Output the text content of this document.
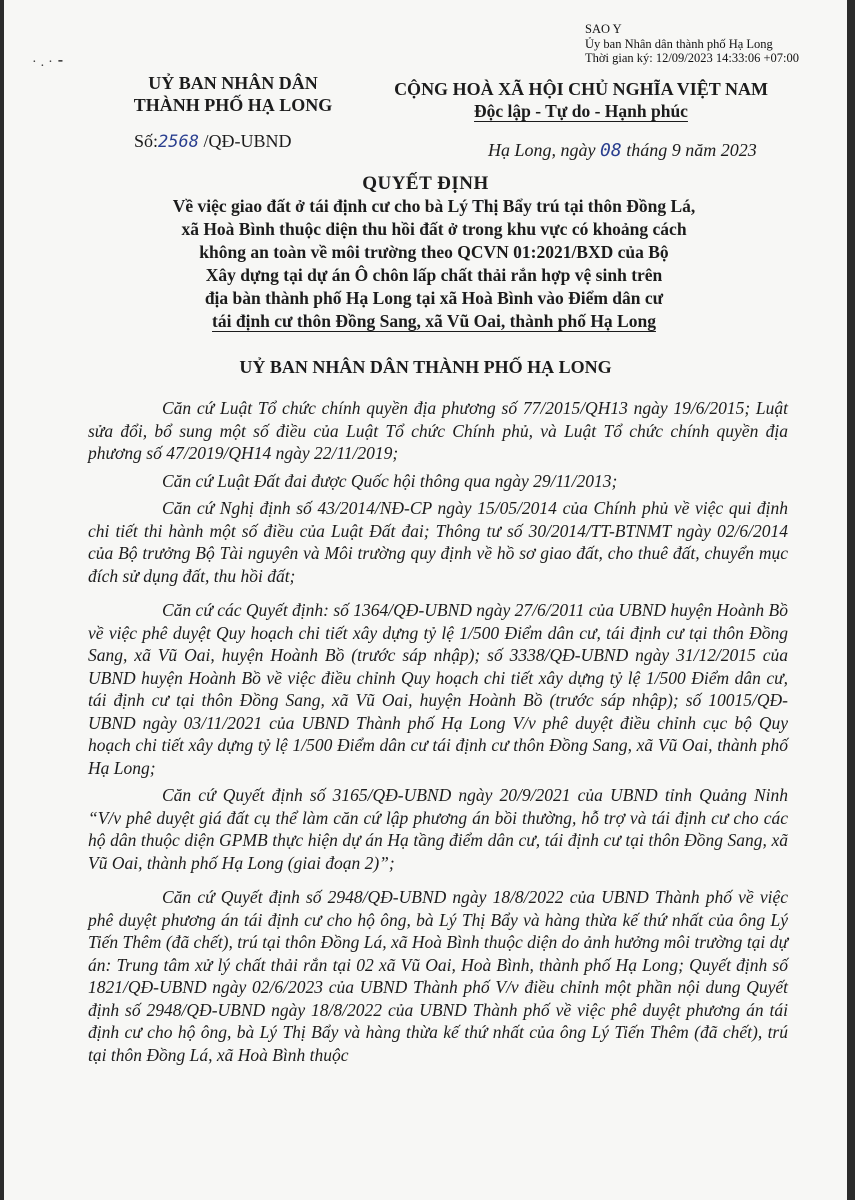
·.·⁃
SAO Y
Ủy ban Nhân dân thành phố Hạ Long
Thời gian ký: 12/09/2023 14:33:06 +07:00
UỶ BAN NHÂN DÂN
THÀNH PHỐ HẠ LONG
CỘNG HOÀ XÃ HỘI CHỦ NGHĨA VIỆT NAM
Độc lập - Tự do - Hạnh phúc
Số:2568 /QĐ-UBND	Hạ Long, ngày 08 tháng 9 năm 2023
QUYẾT ĐỊNH
Về việc giao đất ở tái định cư cho bà Lý Thị Bẩy trú tại thôn Đồng Lá,
xã Hoà Bình thuộc diện thu hồi đất ở trong khu vực có khoảng cách
không an toàn về môi trường theo QCVN 01:2021/BXD của Bộ
Xây dựng tại dự án Ô chôn lấp chất thải rắn hợp vệ sinh trên
địa bàn thành phố Hạ Long tại xã Hoà Bình vào Điểm dân cư
tái định cư thôn Đồng Sang, xã Vũ Oai, thành phố Hạ Long
UỶ BAN NHÂN DÂN THÀNH PHỐ HẠ LONG

Căn cứ Luật Tổ chức chính quyền địa phương số 77/2015/QH13 ngày 19/6/2015; Luật sửa đổi, bổ sung một số điều của Luật Tổ chức Chính phủ, và Luật Tổ chức chính quyền địa phương số 47/2019/QH14 ngày 22/11/2019;

Căn cứ Luật Đất đai được Quốc hội thông qua ngày 29/11/2013;

Căn cứ Nghị định số 43/2014/NĐ-CP ngày 15/05/2014 của Chính phủ về việc qui định chi tiết thi hành một số điều của Luật Đất đai; Thông tư số 30/2014/TT-BTNMT ngày 02/6/2014 của Bộ trưởng Bộ Tài nguyên và Môi trường quy định về hồ sơ giao đất, cho thuê đất, chuyển mục đích sử dụng đất, thu hồi đất;

Căn cứ các Quyết định: số 1364/QĐ-UBND ngày 27/6/2011 của UBND huyện Hoành Bồ về việc phê duyệt Quy hoạch chi tiết xây dựng tỷ lệ 1/500 Điểm dân cư, tái định cư tại thôn Đồng Sang, xã Vũ Oai, huyện Hoành Bồ (trước sáp nhập); số 3338/QĐ-UBND ngày 31/12/2015 của UBND huyện Hoành Bồ về việc điều chỉnh Quy hoạch chi tiết xây dựng tỷ lệ 1/500 Điểm dân cư, tái định cư tại thôn Đồng Sang, xã Vũ Oai, huyện Hoành Bồ (trước sáp nhập); số 10015/QĐ-UBND ngày 03/11/2021 của UBND Thành phố Hạ Long V/v phê duyệt điều chỉnh cục bộ Quy hoạch chi tiết xây dựng tỷ lệ 1/500 Điểm dân cư tái định cư thôn Đồng Sang, xã Vũ Oai, thành phố Hạ Long;

Căn cứ Quyết định số 3165/QĐ-UBND ngày 20/9/2021 của UBND tỉnh Quảng Ninh “V/v phê duyệt giá đất cụ thể làm căn cứ lập phương án bồi thường, hỗ trợ và tái định cư cho các hộ dân thuộc diện GPMB thực hiện dự án Hạ tầng điểm dân cư, tái định cư tại thôn Đồng Sang, xã Vũ Oai, thành phố Hạ Long (giai đoạn 2)”;

Căn cứ Quyết định số 2948/QĐ-UBND ngày 18/8/2022 của UBND Thành phố về việc phê duyệt phương án tái định cư cho hộ ông, bà Lý Thị Bẩy và hàng thừa kế thứ nhất của ông Lý Tiến Thêm (đã chết), trú tại thôn Đồng Lá, xã Hoà Bình thuộc diện do ảnh hưởng môi trường tại dự án: Trung tâm xử lý chất thải rắn tại 02 xã Vũ Oai, Hoà Bình, thành phố Hạ Long; Quyết định số 1821/QĐ-UBND ngày 02/6/2023 của UBND Thành phố V/v điều chỉnh một phần nội dung Quyết định số 2948/QĐ-UBND ngày 18/8/2022 của UBND Thành phố về việc phê duyệt phương án tái định cư cho hộ ông, bà Lý Thị Bẩy và hàng thừa kế thứ nhất của ông Lý Tiến Thêm (đã chết), trú tại thôn Đồng Lá, xã Hoà Bình thuộc
